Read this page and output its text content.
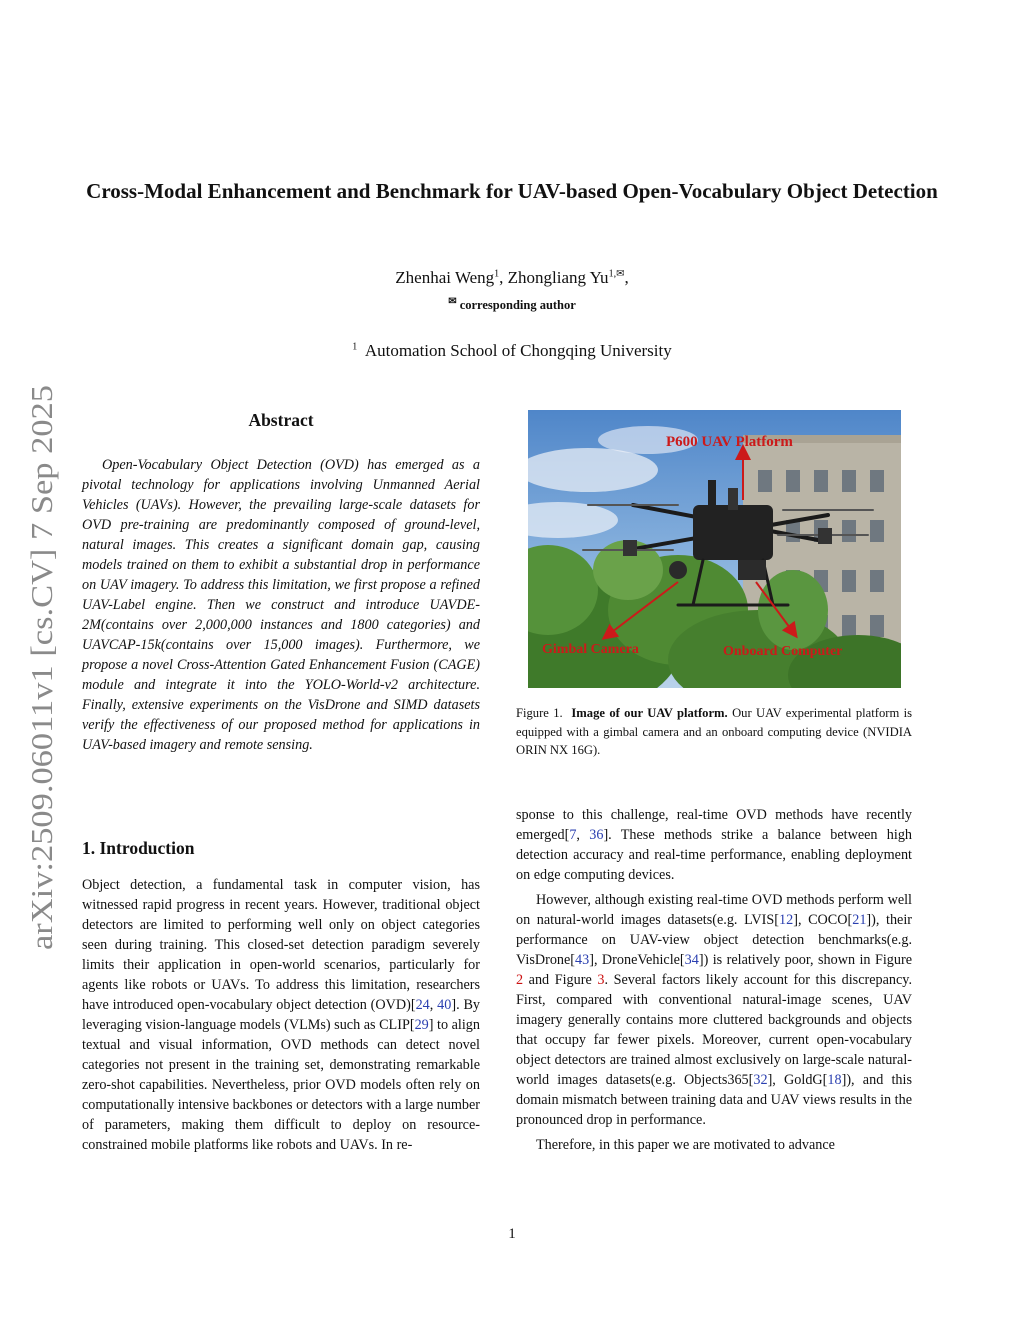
Cross-Modal Enhancement and Benchmark for UAV-based Open-Vocabulary Object Detection
Zhenhai Weng$^1$, Zhongliang $Yu^{1,✉}$,
✉ corresponding author
$^1$ Automation School of Chongqing University
arXiv:2509.06011v1 [cs.CV] 7 Sep 2025
Abstract
Open-Vocabulary Object Detection (OVD) has emerged as a pivotal technology for applications involving Unmanned Aerial Vehicles (UAVs). However, the prevailing large-scale datasets for OVD pre-training are predominantly composed of ground-level, natural images. This creates a significant domain gap, causing models trained on them to exhibit a substantial drop in performance on UAV imagery. To address this limitation, we first propose a refined UAV-Label engine. Then we construct and introduce UAVDE-2M(contains over 2,000,000 instances and 1800 categories) and UAVCAP-15k(contains over 15,000 images). Furthermore, we propose a novel Cross-Attention Gated Enhancement Fusion (CAGE) module and integrate it into the YOLO-World-v2 architecture. Finally, extensive experiments on the VisDrone and SIMD datasets verify the effectiveness of our proposed method for applications in UAV-based imagery and remote sensing.
1. Introduction
Object detection, a fundamental task in computer vision, has witnessed rapid progress in recent years. However, traditional object detectors are limited to performing well only on object categories seen during training. This closed-set detection paradigm severely limits their application in open-world scenarios, particularly for agents like robots or UAVs. To address this limitation, researchers have introduced open-vocabulary object detection (OVD)[24, 40]. By leveraging vision-language models (VLMs) such as CLIP[29] to align textual and visual information, OVD methods can detect novel categories not present in the training set, demonstrating remarkable zero-shot capabilities. Nevertheless, prior OVD models often rely on computationally intensive backbones or detectors with a large number of parameters, making them difficult to deploy on resource-constrained mobile platforms like robots and UAVs. In re-
P600 UAV Platform
Gimbal Camera	Onboard Computer
Figure 1. Image of our UAV platform. Our UAV experimental platform is equipped with a gimbal camera and an onboard computing device (NVIDIA ORIN NX 16G).

sponse to this challenge, real-time OVD methods have recently emerged[7, 36]. These methods strike a balance between high detection accuracy and real-time performance, enabling deployment on edge computing devices.

However, although existing real-time OVD methods perform well on natural-world images datasets(e.g. LVIS[12], COCO[21]), their performance on UAV-view object detection benchmarks(e.g. VisDrone[43], DroneVehicle[34]) is relatively poor, shown in Figure 2 and Figure 3. Several factors likely account for this discrepancy. First, compared with conventional natural-image scenes, UAV imagery generally contains more cluttered backgrounds and objects that occupy far fewer pixels. Moreover, current open-vocabulary object detectors are trained almost exclusively on large-scale natural-world images datasets(e.g. Objects365[32], GoldG[18]), and this domain mismatch between training data and UAV views results in the pronounced drop in performance.

Therefore, in this paper we are motivated to advance

1
